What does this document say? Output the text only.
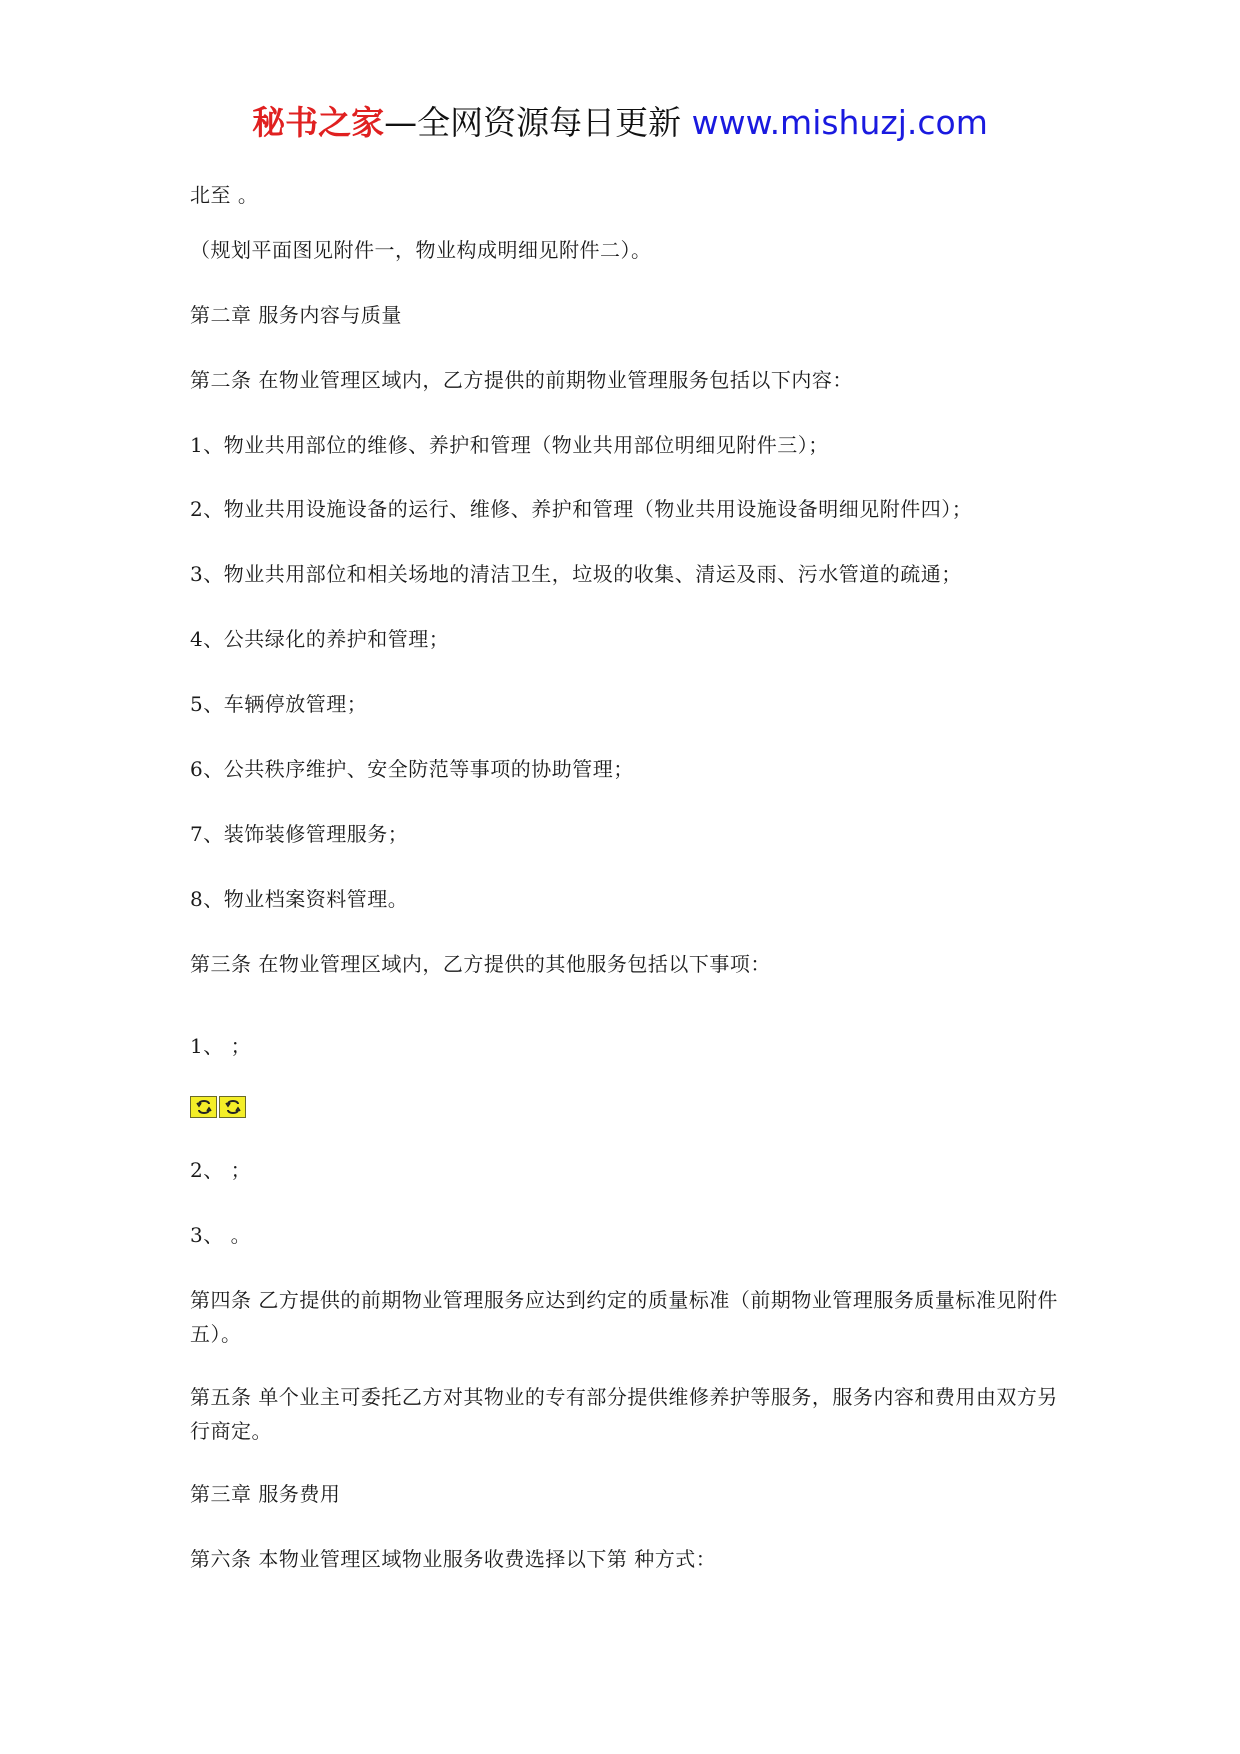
秘书之家—全网资源每日更新 www.mishuzj.com
北至 。
（规划平面图见附件一，物业构成明细见附件二）。
第二章 服务内容与质量
第二条 在物业管理区域内，乙方提供的前期物业管理服务包括以下内容：
1、物业共用部位的维修、养护和管理（物业共用部位明细见附件三）；
2、物业共用设施设备的运行、维修、养护和管理（物业共用设施设备明细见附件四）；
3、物业共用部位和相关场地的清洁卫生，垃圾的收集、清运及雨、污水管道的疏通；
4、公共绿化的养护和管理；
5、车辆停放管理；
6、公共秩序维护、安全防范等事项的协助管理；
7、装饰装修管理服务；
8、物业档案资料管理。
第三条 在物业管理区域内，乙方提供的其他服务包括以下事项：
1、 ；
2、 ；
3、 。
第四条 乙方提供的前期物业管理服务应达到约定的质量标准（前期物业管理服务质量标准见附件五）。
第五条 单个业主可委托乙方对其物业的专有部分提供维修养护等服务，服务内容和费用由双方另行商定。
第三章 服务费用
第六条 本物业管理区域物业服务收费选择以下第 种方式：
